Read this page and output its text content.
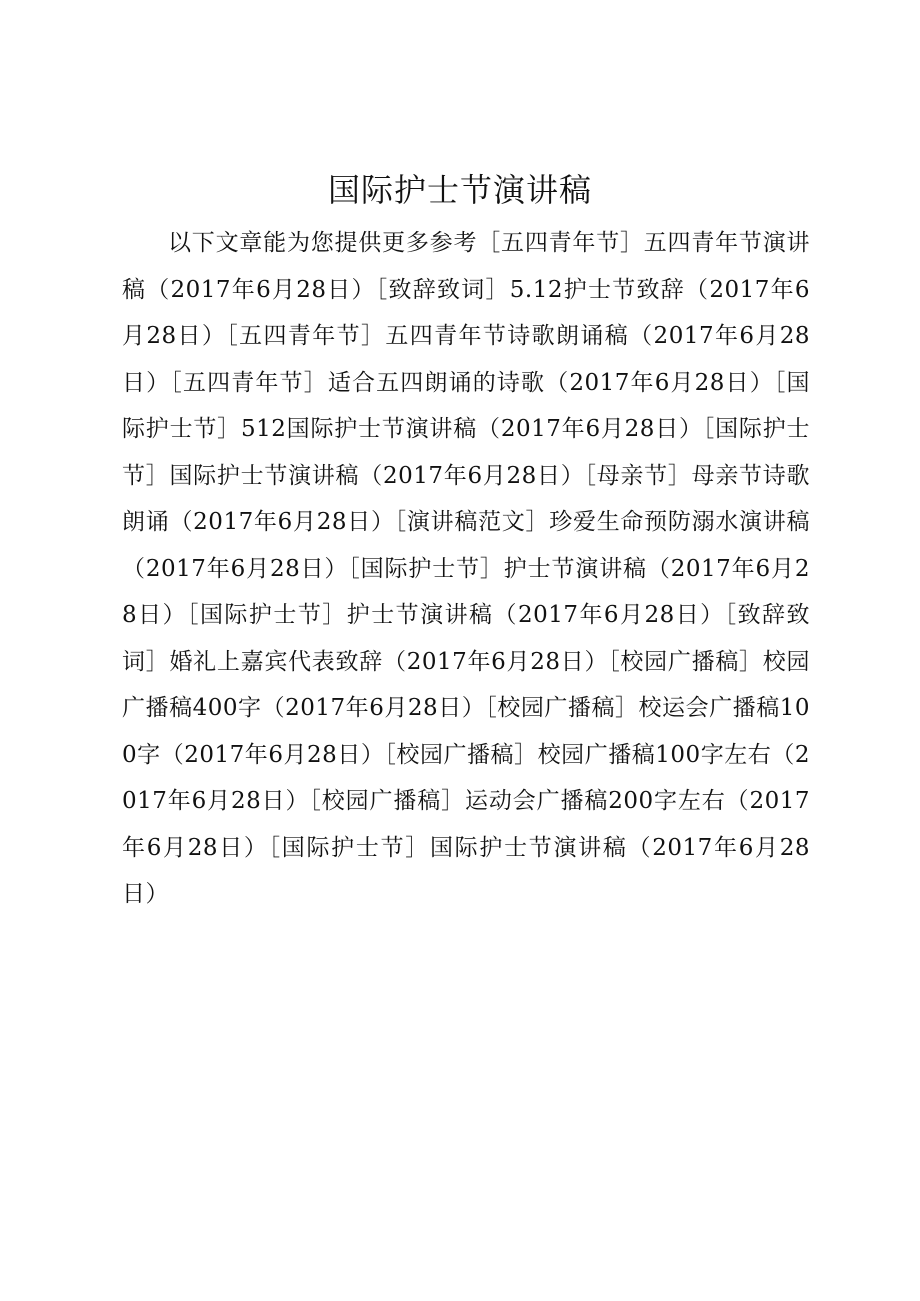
国际护士节演讲稿

以下文章能为您提供更多参考［五四青年节］五四青年节演讲稿（2017年6月28日）［致辞致词］5.12护士节致辞（2017年6月28日）［五四青年节］五四青年节诗歌朗诵稿（2017年6月28日）［五四青年节］适合五四朗诵的诗歌（2017年6月28日）［国际护士节］512国际护士节演讲稿（2017年6月28日）［国际护士节］国际护士节演讲稿（2017年6月28日）［母亲节］母亲节诗歌朗诵（2017年6月28日）［演讲稿范文］珍爱生命预防溺水演讲稿（2017年6月28日）［国际护士节］护士节演讲稿（2017年6月28日）［国际护士节］护士节演讲稿（2017年6月28日）［致辞致词］婚礼上嘉宾代表致辞（2017年6月28日）［校园广播稿］校园广播稿400字（2017年6月28日）［校园广播稿］校运会广播稿100字（2017年6月28日）［校园广播稿］校园广播稿100字左右（2017年6月28日）［校园广播稿］运动会广播稿200字左右（2017年6月28日）［国际护士节］国际护士节演讲稿（2017年6月28日）
